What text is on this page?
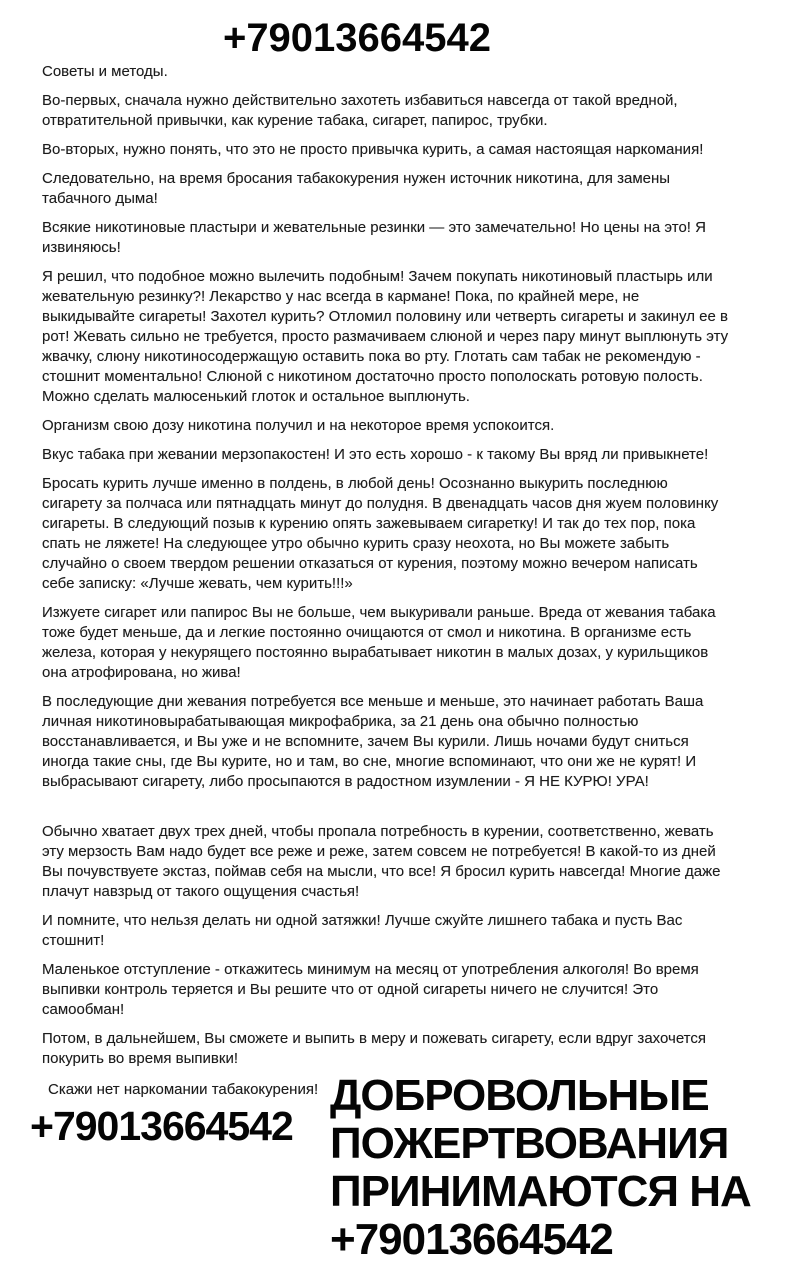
+79013664542

Советы и методы.

Во-первых, сначала нужно действительно захотеть избавиться навсегда от такой вредной, отвратительной привычки, как курение табака, сигарет, папирос, трубки.

Во-вторых, нужно понять, что это не просто привычка курить, а самая настоящая наркомания!

Следовательно, на время бросания табакокурения нужен источник никотина, для замены табачного дыма!

Всякие никотиновые пластыри и жевательные резинки — это замечательно! Но цены на это! Я извиняюсь!

Я решил, что подобное можно вылечить подобным! Зачем покупать никотиновый пластырь или жевательную резинку?! Лекарство у нас всегда в кармане! Пока, по крайней мере, не выкидывайте сигареты! Захотел курить? Отломил половину или четверть сигареты и закинул ее в рот! Жевать сильно не требуется, просто размачиваем слюной и через пару минут выплюнуть эту жвачку, слюну никотиносодержащую оставить пока во рту. Глотать сам табак не рекомендую - стошнит моментально! Слюной с никотином достаточно просто пополоскать ротовую полость. Можно сделать малюсенький глоток и остальное выплюнуть.

Организм свою дозу никотина получил и на некоторое время успокоится.

Вкус табака при жевании мерзопакостен! И это есть хорошо - к такому Вы вряд ли привыкнете!

Бросать курить лучше именно в полдень, в любой день! Осознанно выкурить последнюю сигарету за полчаса или пятнадцать минут до полудня. В двенадцать часов дня жуем половинку сигареты. В следующий позыв к курению опять зажевываем сигаретку! И так до тех пор, пока спать не ляжете! На следующее утро обычно курить сразу неохота, но Вы можете забыть случайно о своем твердом решении отказаться от курения, поэтому можно вечером написать себе записку: «Лучше жевать, чем курить!!!»

Изжуете сигарет или папирос Вы не больше, чем выкуривали раньше. Вреда от жевания табака тоже будет меньше, да и легкие постоянно очищаются от смол и никотина. В организме есть железа, которая у некурящего постоянно вырабатывает никотин в малых дозах, у курильщиков она атрофирована, но жива!

В последующие дни жевания потребуется все меньше и меньше, это начинает работать Ваша личная никотиновырабатывающая микрофабрика, за 21 день она обычно полностью восстанавливается, и Вы уже и не вспомните, зачем Вы курили. Лишь ночами будут сниться иногда такие сны, где Вы курите, но и там, во сне, многие вспоминают, что они же не курят! И выбрасывают сигарету, либо просыпаются в радостном изумлении - Я НЕ КУРЮ! УРА!

Обычно хватает двух трех дней, чтобы пропала потребность в курении, соответственно, жевать эту мерзость Вам надо будет все реже и реже, затем совсем не потребуется! В какой-то из дней Вы почувствуете экстаз, поймав себя на мысли, что все! Я бросил курить навсегда! Многие даже плачут навзрыд от такого ощущения счастья!

И помните, что нельзя делать ни одной затяжки! Лучше сжуйте лишнего табака и пусть Вас стошнит!

Маленькое отступление - откажитесь минимум на месяц от употребления алкоголя! Во время выпивки контроль теряется и Вы решите что от одной сигареты ничего не случится! Это самообман!

Потом, в дальнейшем, Вы сможете и выпить в меру и пожевать сигарету, если вдруг захочется покурить во время выпивки!

Скажи нет наркомании табакокурения!
+79013664542
ДОБРОВОЛЬНЫЕ
ПОЖЕРТВОВАНИЯ
ПРИНИМАЮТСЯ НА
+79013664542
